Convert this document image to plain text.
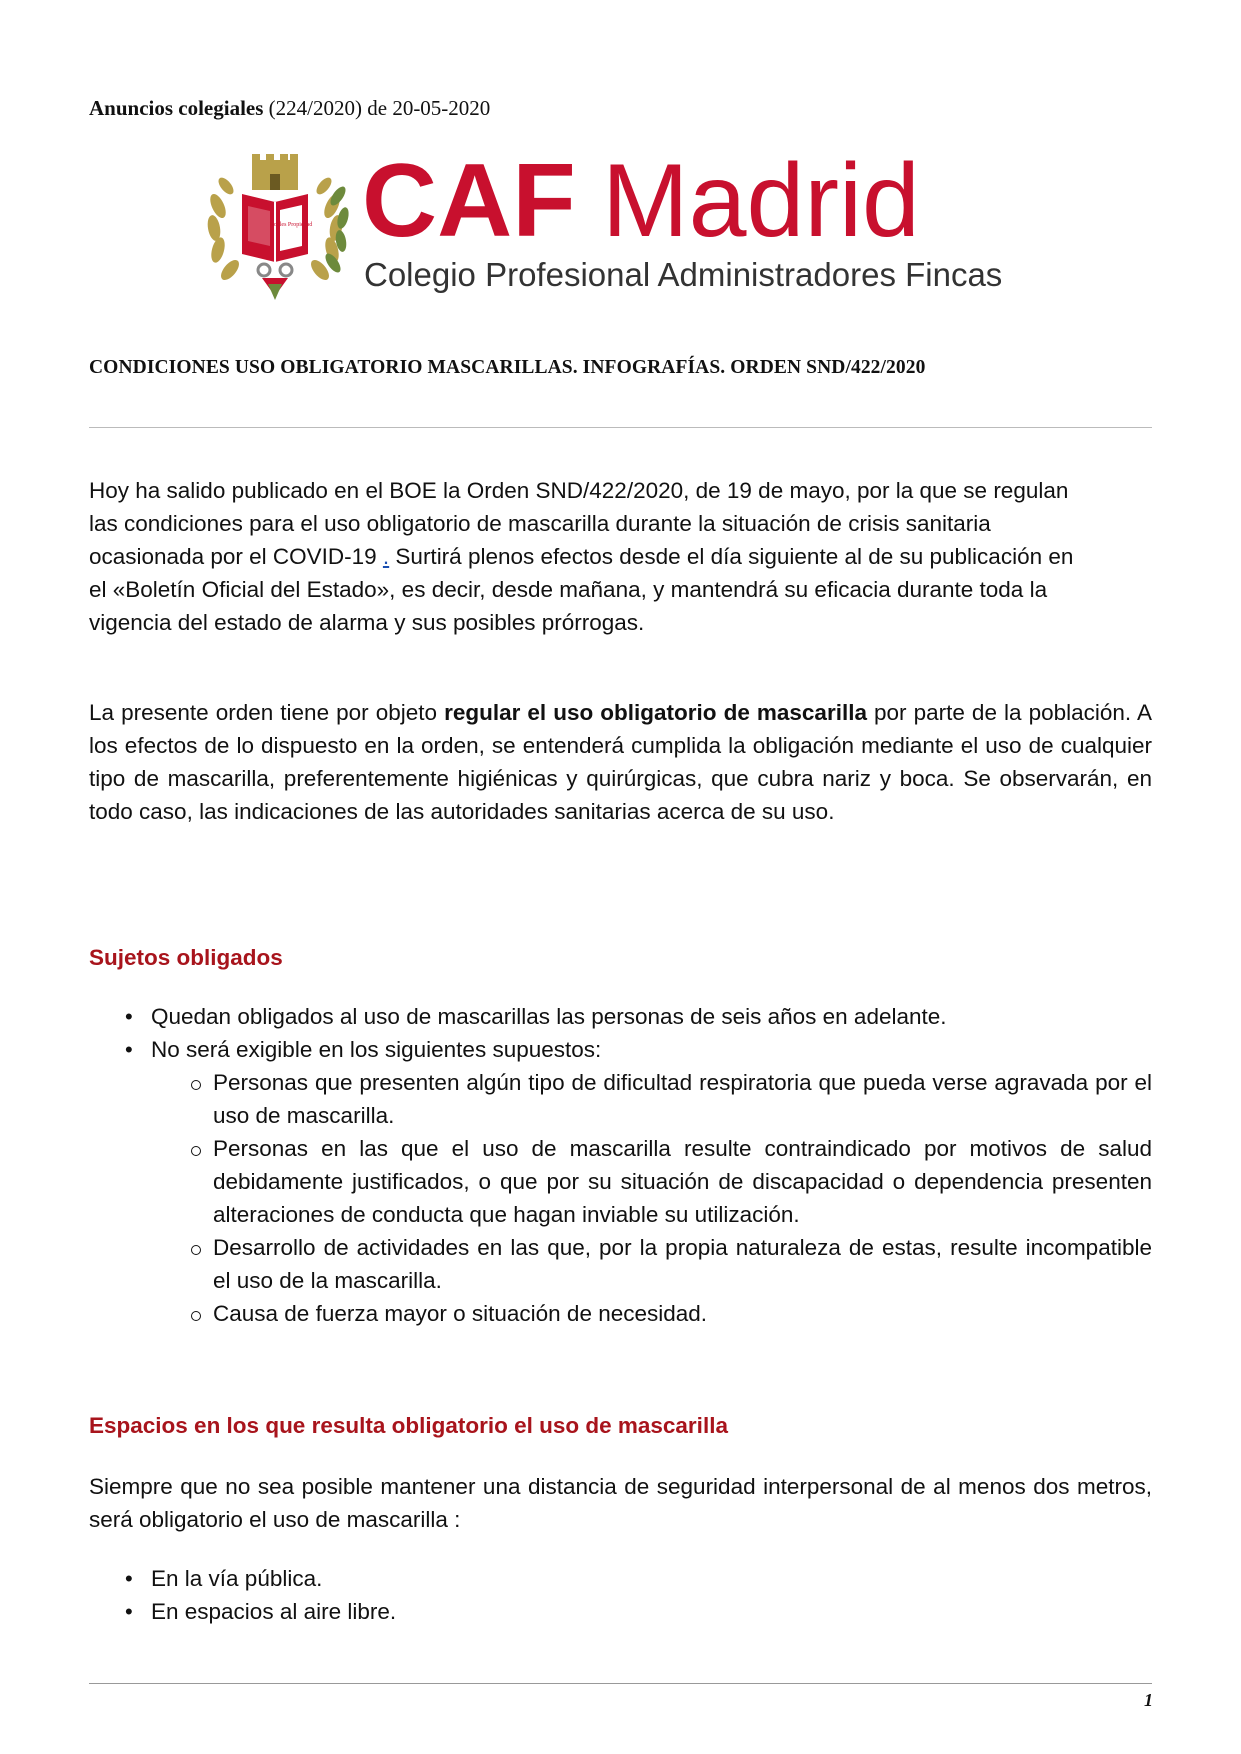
Anuncios colegiales (224/2020) de 20-05-2020
Robles Propiedad CAF Madrid
Colegio Profesional Administradores Fincas
CONDICIONES USO OBLIGATORIO MASCARILLAS. INFOGRAFÍAS. ORDEN SND/422/2020
Hoy ha salido publicado en el BOE la Orden SND/422/2020, de 19 de mayo, por la que se regulan las condiciones para el uso obligatorio de mascarilla durante la situación de crisis sanitaria ocasionada por el COVID-19 . Surtirá plenos efectos desde el día siguiente al de su publicación en el «Boletín Oficial del Estado», es decir, desde mañana, y mantendrá su eficacia durante toda la vigencia del estado de alarma y sus posibles prórrogas.
La presente orden tiene por objeto regular el uso obligatorio de mascarilla por parte de la población. A los efectos de lo dispuesto en la orden, se entenderá cumplida la obligación mediante el uso de cualquier tipo de mascarilla, preferentemente higiénicas y quirúrgicas, que cubra nariz y boca. Se observarán, en todo caso, las indicaciones de las autoridades sanitarias acerca de su uso.
Sujetos obligados
• Quedan obligados al uso de mascarillas las personas de seis años en adelante.
• No será exigible en los siguientes supuestos:
Personas que presenten algún tipo de dificultad respiratoria que pueda verse agravada por el uso de mascarilla.
Personas en las que el uso de mascarilla resulte contraindicado por motivos de salud debidamente justificados, o que por su situación de discapacidad o dependencia presenten alteraciones de conducta que hagan inviable su utilización.
Desarrollo de actividades en las que, por la propia naturaleza de estas, resulte incompatible el uso de la mascarilla.
Causa de fuerza mayor o situación de necesidad.
Espacios en los que resulta obligatorio el uso de mascarilla
Siempre que no sea posible mantener una distancia de seguridad interpersonal de al menos dos metros, será obligatorio el uso de mascarilla :
• En la vía pública.
• En espacios al aire libre.
1
